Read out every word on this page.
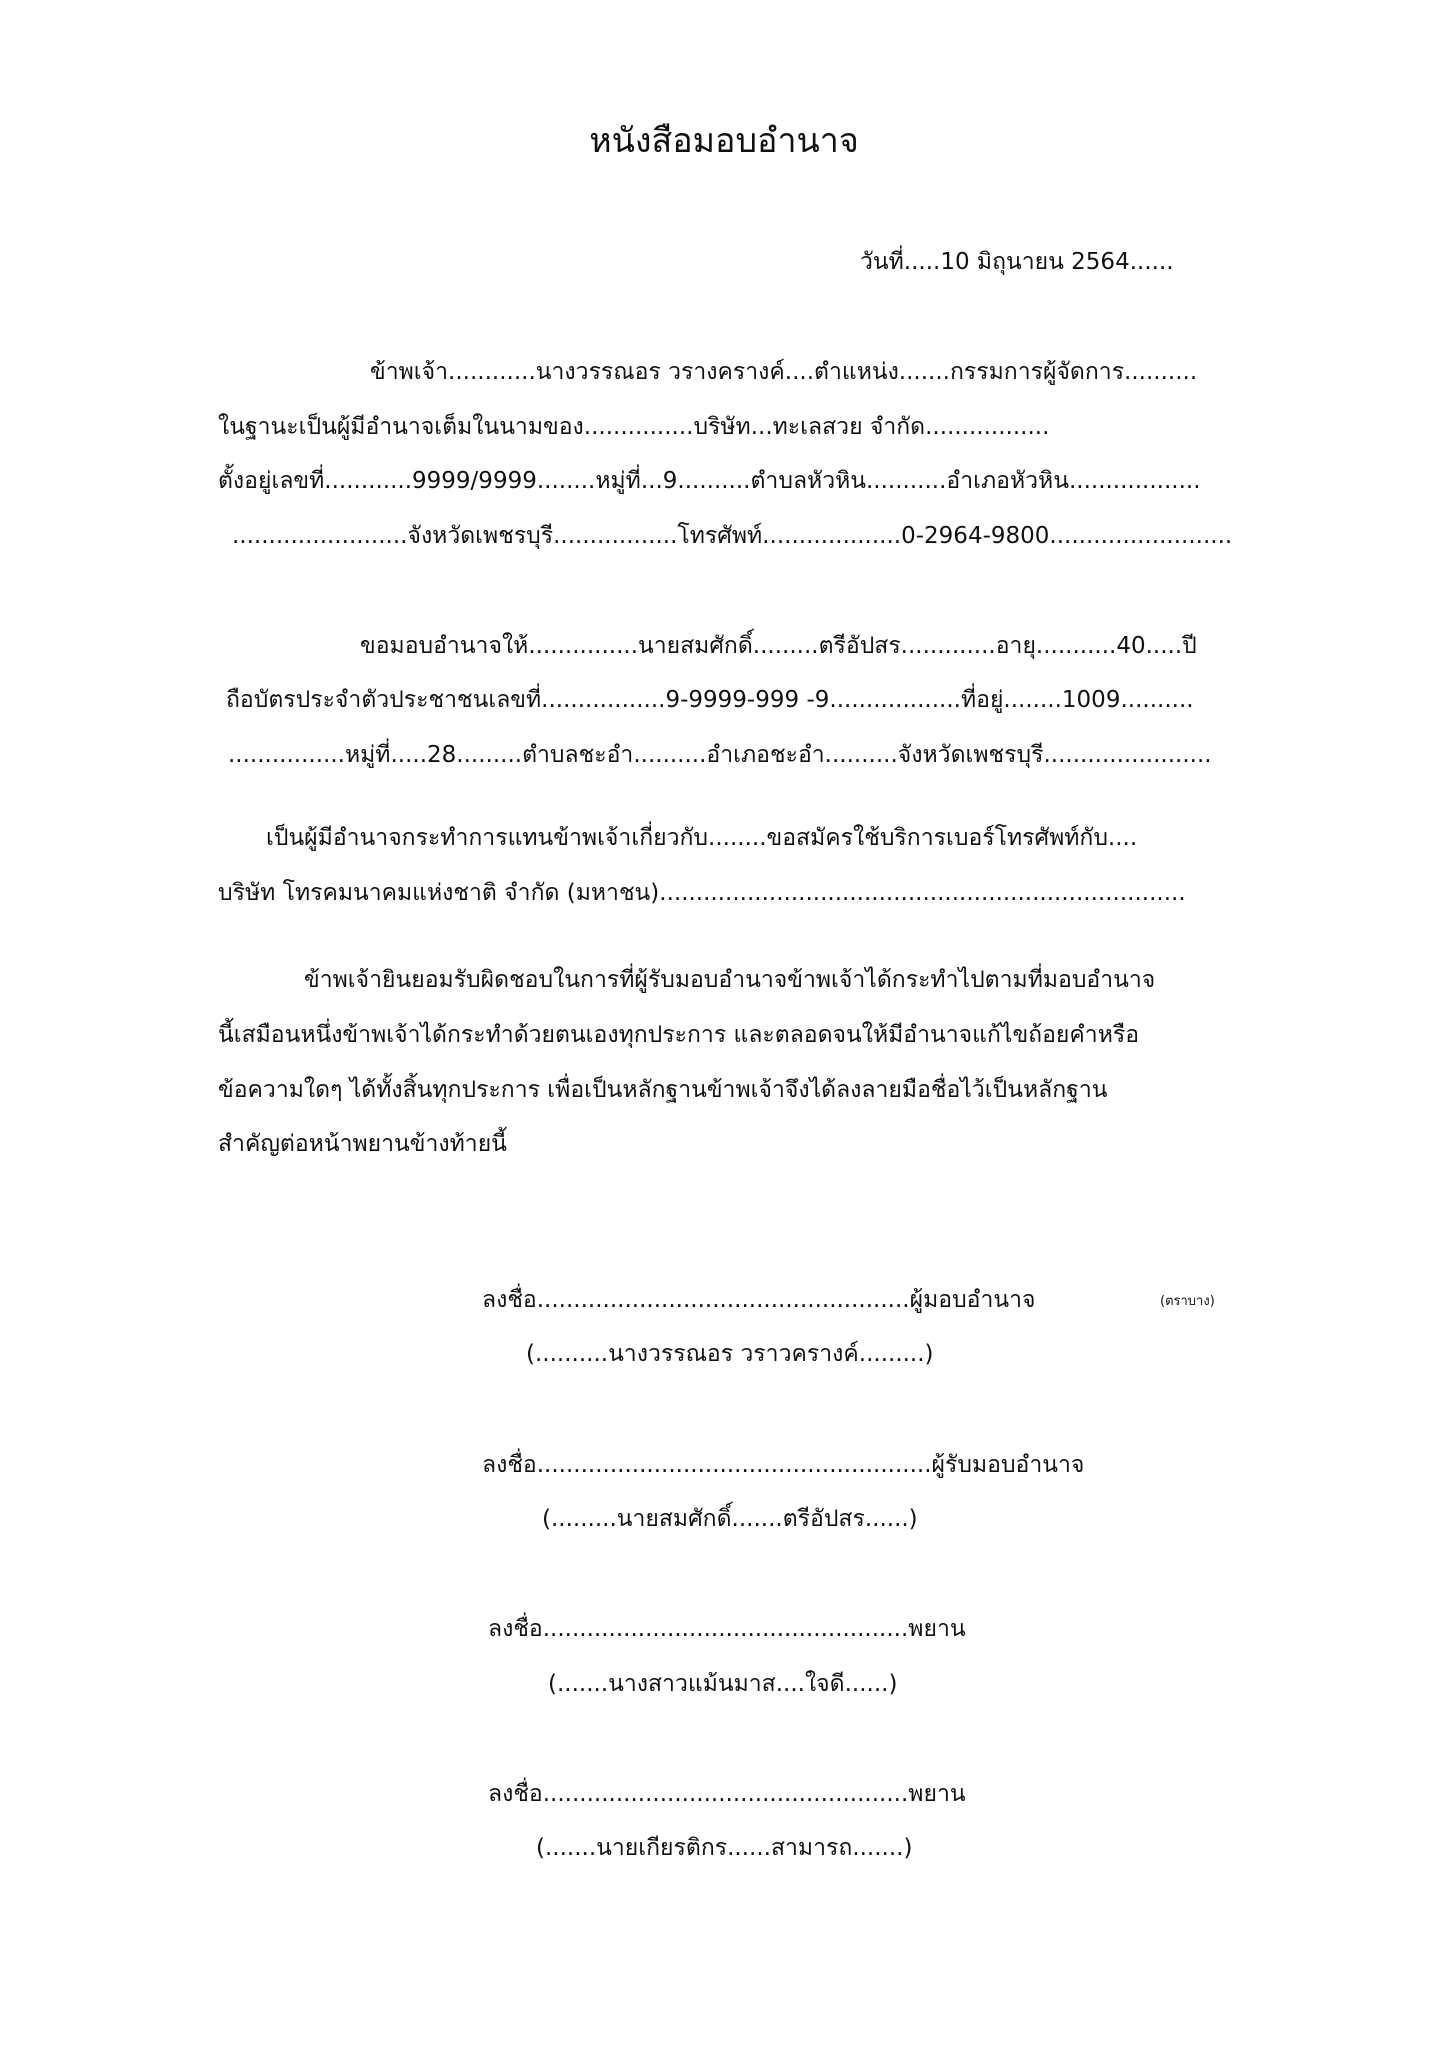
หนังสือมอบอำนาจ
วันที่.....10 มิถุนายน 2564......
ข้าพเจ้า............นางวรรณอร วรางครางค์....ตำแหน่ง.......กรรมการผู้จัดการ..........
ในฐานะเป็นผู้มีอำนาจเต็มในนามของ...............บริษัท...ทะเลสวย จำกัด.................
ตั้งอยู่เลขที่............9999/9999........หมู่ที่...9..........ตำบลหัวหิน...........อำเภอหัวหิน..................
........................จังหวัดเพชรบุรี.................โทรศัพท์...................0-2964-9800.........................
ขอมอบอำนาจให้...............นายสมศักดิ์.........ตรีอัปสร.............อายุ...........40.....ปี
ถือบัตรประจำตัวประชาชนเลขที่.................9-9999-999 -9..................ที่อยู่........1009..........
................หมู่ที่.....28.........ตำบลชะอำ..........อำเภอชะอำ..........จังหวัดเพชรบุรี.......................
เป็นผู้มีอำนาจกระทำการแทนข้าพเจ้าเกี่ยวกับ........ขอสมัครใช้บริการเบอร์โทรศัพท์กับ....
บริษัท โทรคมนาคมแห่งชาติ จำกัด (มหาชน)........................................................................
ข้าพเจ้ายินยอมรับผิดชอบในการที่ผู้รับมอบอำนาจข้าพเจ้าได้กระทำไปตามที่มอบอำนาจ
นี้เสมือนหนึ่งข้าพเจ้าได้กระทำด้วยตนเองทุกประการ และตลอดจนให้มีอำนาจแก้ไขถ้อยคำหรือ
ข้อความใดๆ ได้ทั้งสิ้นทุกประการ เพื่อเป็นหลักฐานข้าพเจ้าจึงได้ลงลายมือชื่อไว้เป็นหลักฐาน
สำคัญต่อหน้าพยานข้างท้ายนี้
ลงชื่อ...................................................ผู้มอบอำนาจ	(ตราบาง)
(..........นางวรรณอร วราวครางค์.........)
ลงชื่อ......................................................ผู้รับมอบอำนาจ
(.........นายสมศักดิ์.......ตรีอัปสร......)
ลงชื่อ..................................................พยาน
(.......นางสาวแม้นมาส....ใจดี......)
ลงชื่อ..................................................พยาน
(.......นายเกียรติกร......สามารถ.......)
